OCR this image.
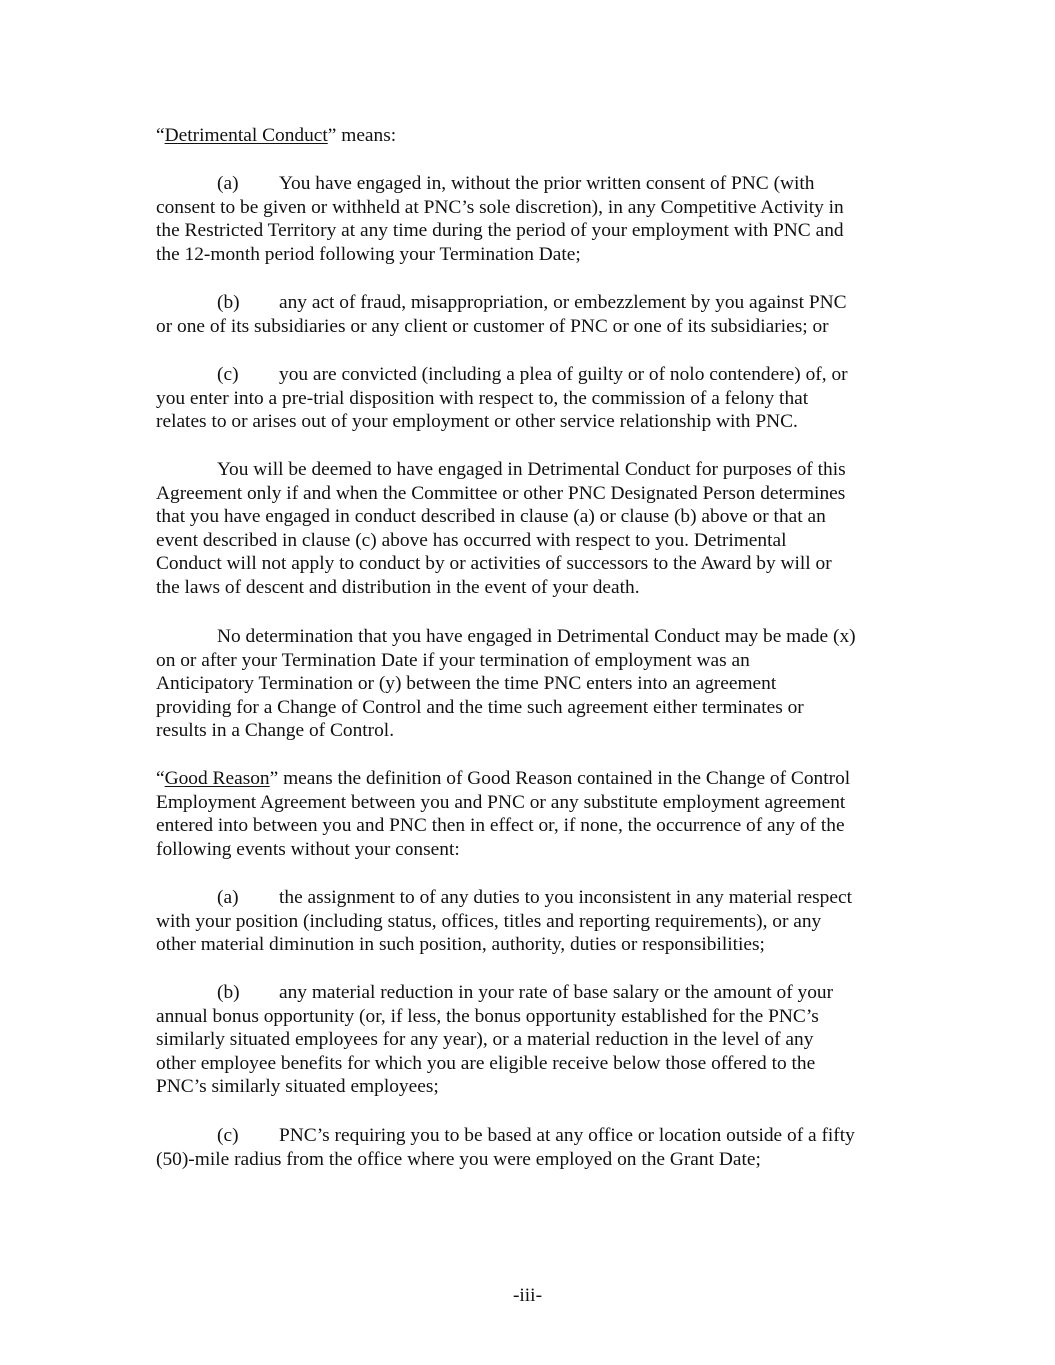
“Detrimental Conduct” means:

(a) You have engaged in, without the prior written consent of PNC (with
consent to be given or withheld at PNC’s sole discretion), in any Competitive Activity in
the Restricted Territory at any time during the period of your employment with PNC and
the 12-month period following your Termination Date;

(b) any act of fraud, misappropriation, or embezzlement by you against PNC
or one of its subsidiaries or any client or customer of PNC or one of its subsidiaries; or

(c) you are convicted (including a plea of guilty or of nolo contendere) of, or
you enter into a pre-trial disposition with respect to, the commission of a felony that
relates to or arises out of your employment or other service relationship with PNC.

You will be deemed to have engaged in Detrimental Conduct for purposes of this
Agreement only if and when the Committee or other PNC Designated Person determines
that you have engaged in conduct described in clause (a) or clause (b) above or that an
event described in clause (c) above has occurred with respect to you. Detrimental
Conduct will not apply to conduct by or activities of successors to the Award by will or
the laws of descent and distribution in the event of your death.

No determination that you have engaged in Detrimental Conduct may be made (x)
on or after your Termination Date if your termination of employment was an
Anticipatory Termination or (y) between the time PNC enters into an agreement
providing for a Change of Control and the time such agreement either terminates or
results in a Change of Control.

“Good Reason” means the definition of Good Reason contained in the Change of Control
Employment Agreement between you and PNC or any substitute employment agreement
entered into between you and PNC then in effect or, if none, the occurrence of any of the
following events without your consent:

(a) the assignment to of any duties to you inconsistent in any material respect
with your position (including status, offices, titles and reporting requirements), or any
other material diminution in such position, authority, duties or responsibilities;

(b) any material reduction in your rate of base salary or the amount of your
annual bonus opportunity (or, if less, the bonus opportunity established for the PNC’s
similarly situated employees for any year), or a material reduction in the level of any
other employee benefits for which you are eligible receive below those offered to the
PNC’s similarly situated employees;

(c) PNC’s requiring you to be based at any office or location outside of a fifty
(50)-mile radius from the office where you were employed on the Grant Date;

-iii-
